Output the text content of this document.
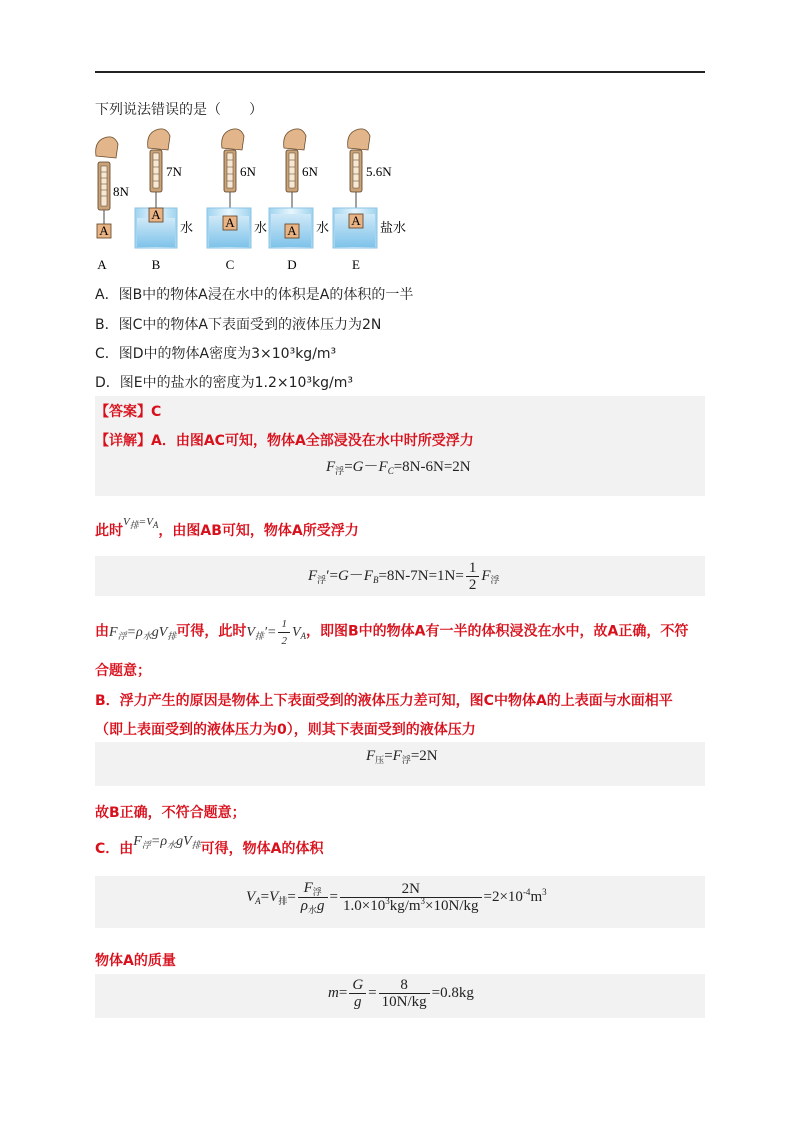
下列说法错误的是（　　）
A
8N
A
A
7N
水
B
A
6N
水
C
A
6N
水
D
A
5.6N
盐水
E
A．图B中的物体A浸在水中的体积是A的体积的一半
B．图C中的物体A下表面受到的液体压力为2N
C．图D中的物体A密度为3×10³kg/m³
D．图E中的盐水的密度为1.2×10³kg/m³
【答案】C
【详解】A．由图AC可知，物体A全部浸没在水中时所受浮力
$F_浮=G-F_C=8N-6N=2N$
此时$^{V_排=V_A}$，由图AB可知，物体A所受浮力
$F_浮'=G-F_B=8N-7N=1N= \frac{1}{2} F_浮$
由$F_浮=\rho_水gV_排$可得，此时$V_排'= \frac{1}{2} V_A$，即图B中的物体A有一半的体积浸没在水中，故A正确，不符
合题意；
B．浮力产生的原因是物体上下表面受到的液体压力差可知，图C中物体A的上表面与水面相平
（即上表面受到的液体压力为0），则其下表面受到的液体压力
$F_压=F_浮=2N$
故B正确，不符合题意；
C．由$F_浮=\rho_水gV_排$可得，物体A的体积
$V_A=V_排= \frac{F_浮}{\rho_水g} = \frac{2N}{1.0\times 10^3kg/m^3\times 10N/kg} =2\times 10^{-4}m^3$
物体A的质量
$m= \frac{G}{g} = \frac{8}{10N/kg} =0.8kg$
